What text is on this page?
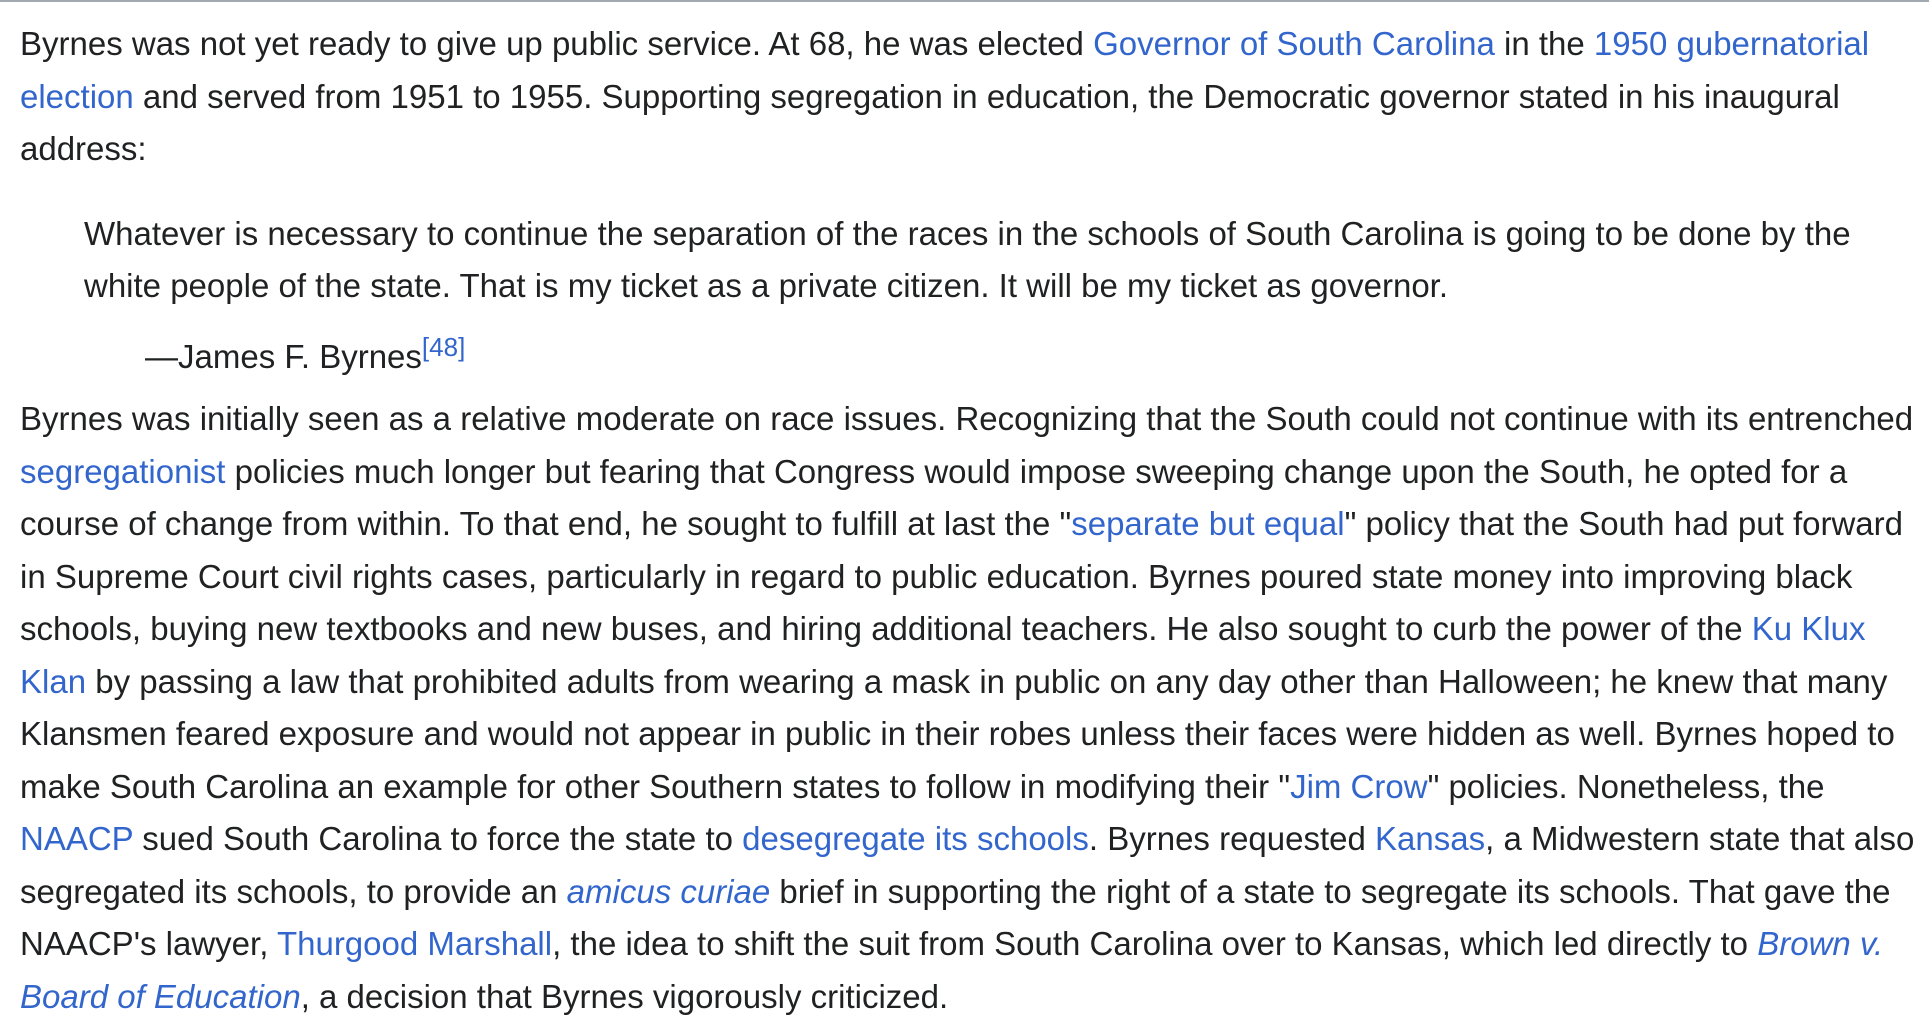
Byrnes was not yet ready to give up public service. At 68, he was elected Governor of South Carolina in the 1950 gubernatorial election and served from 1951 to 1955. Supporting segregation in education, the Democratic governor stated in his inaugural address:

Whatever is necessary to continue the separation of the races in the schools of South Carolina is going to be done by the white people of the state. That is my ticket as a private citizen. It will be my ticket as governor.

—James F. Byrnes[48]

Byrnes was initially seen as a relative moderate on race issues. Recognizing that the South could not continue with its entrenched segregationist policies much longer but fearing that Congress would impose sweeping change upon the South, he opted for a course of change from within. To that end, he sought to fulfill at last the "separate but equal" policy that the South had put forward in Supreme Court civil rights cases, particularly in regard to public education. Byrnes poured state money into improving black schools, buying new textbooks and new buses, and hiring additional teachers. He also sought to curb the power of the Ku Klux Klan by passing a law that prohibited adults from wearing a mask in public on any day other than Halloween; he knew that many Klansmen feared exposure and would not appear in public in their robes unless their faces were hidden as well. Byrnes hoped to make South Carolina an example for other Southern states to follow in modifying their "Jim Crow" policies. Nonetheless, the NAACP sued South Carolina to force the state to desegregate its schools. Byrnes requested Kansas, a Midwestern state that also segregated its schools, to provide an amicus curiae brief in supporting the right of a state to segregate its schools. That gave the NAACP's lawyer, Thurgood Marshall, the idea to shift the suit from South Carolina over to Kansas, which led directly to Brown v. Board of Education, a decision that Byrnes vigorously criticized.
